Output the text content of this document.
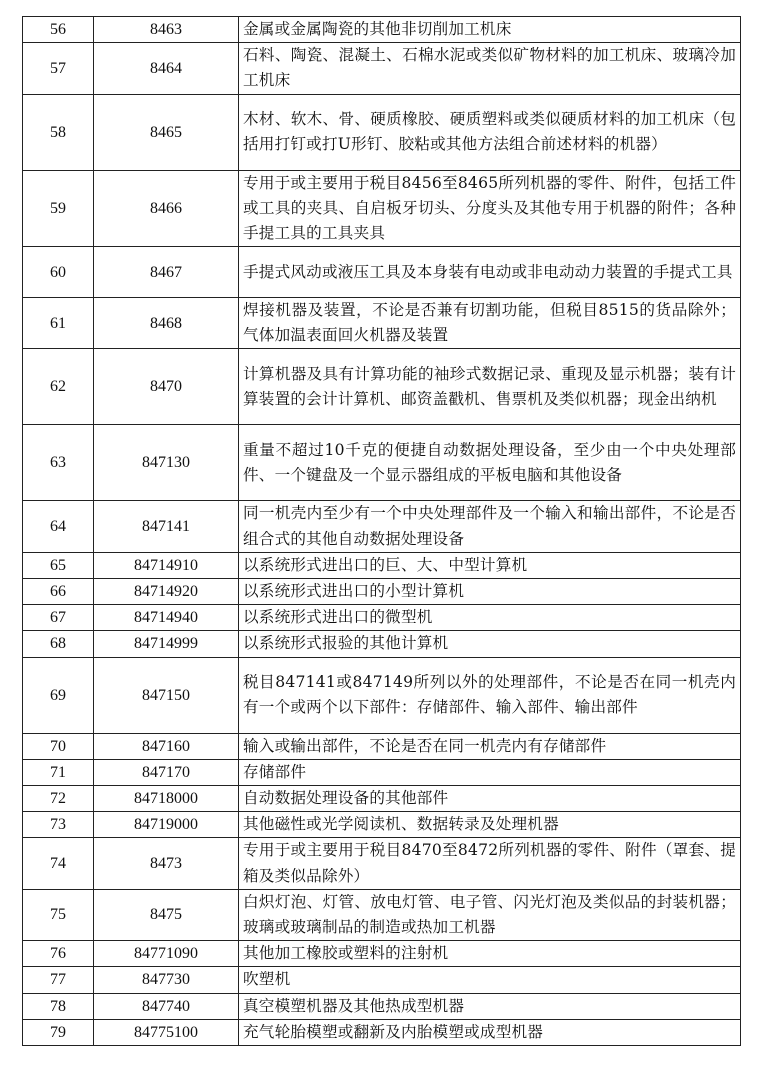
56	8463	金属或金属陶瓷的其他非切削加工机床
57	8464	石料、陶瓷、混凝土、石棉水泥或类似矿物材料的加工机床、玻璃冷加工机床
58	8465	木材、软木、骨、硬质橡胶、硬质塑料或类似硬质材料的加工机床（包括用打钉或打U形钉、胶粘或其他方法组合前述材料的机器）
59	8466	专用于或主要用于税目8456至8465所列机器的零件、附件，包括工件或工具的夹具、自启板牙切头、分度头及其他专用于机器的附件；各种手提工具的工具夹具
60	8467	手提式风动或液压工具及本身装有电动或非电动动力装置的手提式工具
61	8468	焊接机器及装置，不论是否兼有切割功能，但税目8515的货品除外；气体加温表面回火机器及装置
62	8470	计算机器及具有计算功能的袖珍式数据记录、重现及显示机器；装有计算装置的会计计算机、邮资盖戳机、售票机及类似机器；现金出纳机
63	847130	重量不超过10千克的便捷自动数据处理设备，至少由一个中央处理部件、一个键盘及一个显示器组成的平板电脑和其他设备
64	847141	同一机壳内至少有一个中央处理部件及一个输入和输出部件，不论是否组合式的其他自动数据处理设备
65	84714910	以系统形式进出口的巨、大、中型计算机
66	84714920	以系统形式进出口的小型计算机
67	84714940	以系统形式进出口的微型机
68	84714999	以系统形式报验的其他计算机
69	847150	税目847141或847149所列以外的处理部件，不论是否在同一机壳内有一个或两个以下部件：存储部件、输入部件、输出部件
70	847160	输入或输出部件，不论是否在同一机壳内有存储部件
71	847170	存储部件
72	84718000	自动数据处理设备的其他部件
73	84719000	其他磁性或光学阅读机、数据转录及处理机器
74	8473	专用于或主要用于税目8470至8472所列机器的零件、附件（罩套、提箱及类似品除外）
75	8475	白炽灯泡、灯管、放电灯管、电子管、闪光灯泡及类似品的封装机器；玻璃或玻璃制品的制造或热加工机器
76	84771090	其他加工橡胶或塑料的注射机
77	847730	吹塑机
78	847740	真空模塑机器及其他热成型机器
79	84775100	充气轮胎模塑或翻新及内胎模塑或成型机器
